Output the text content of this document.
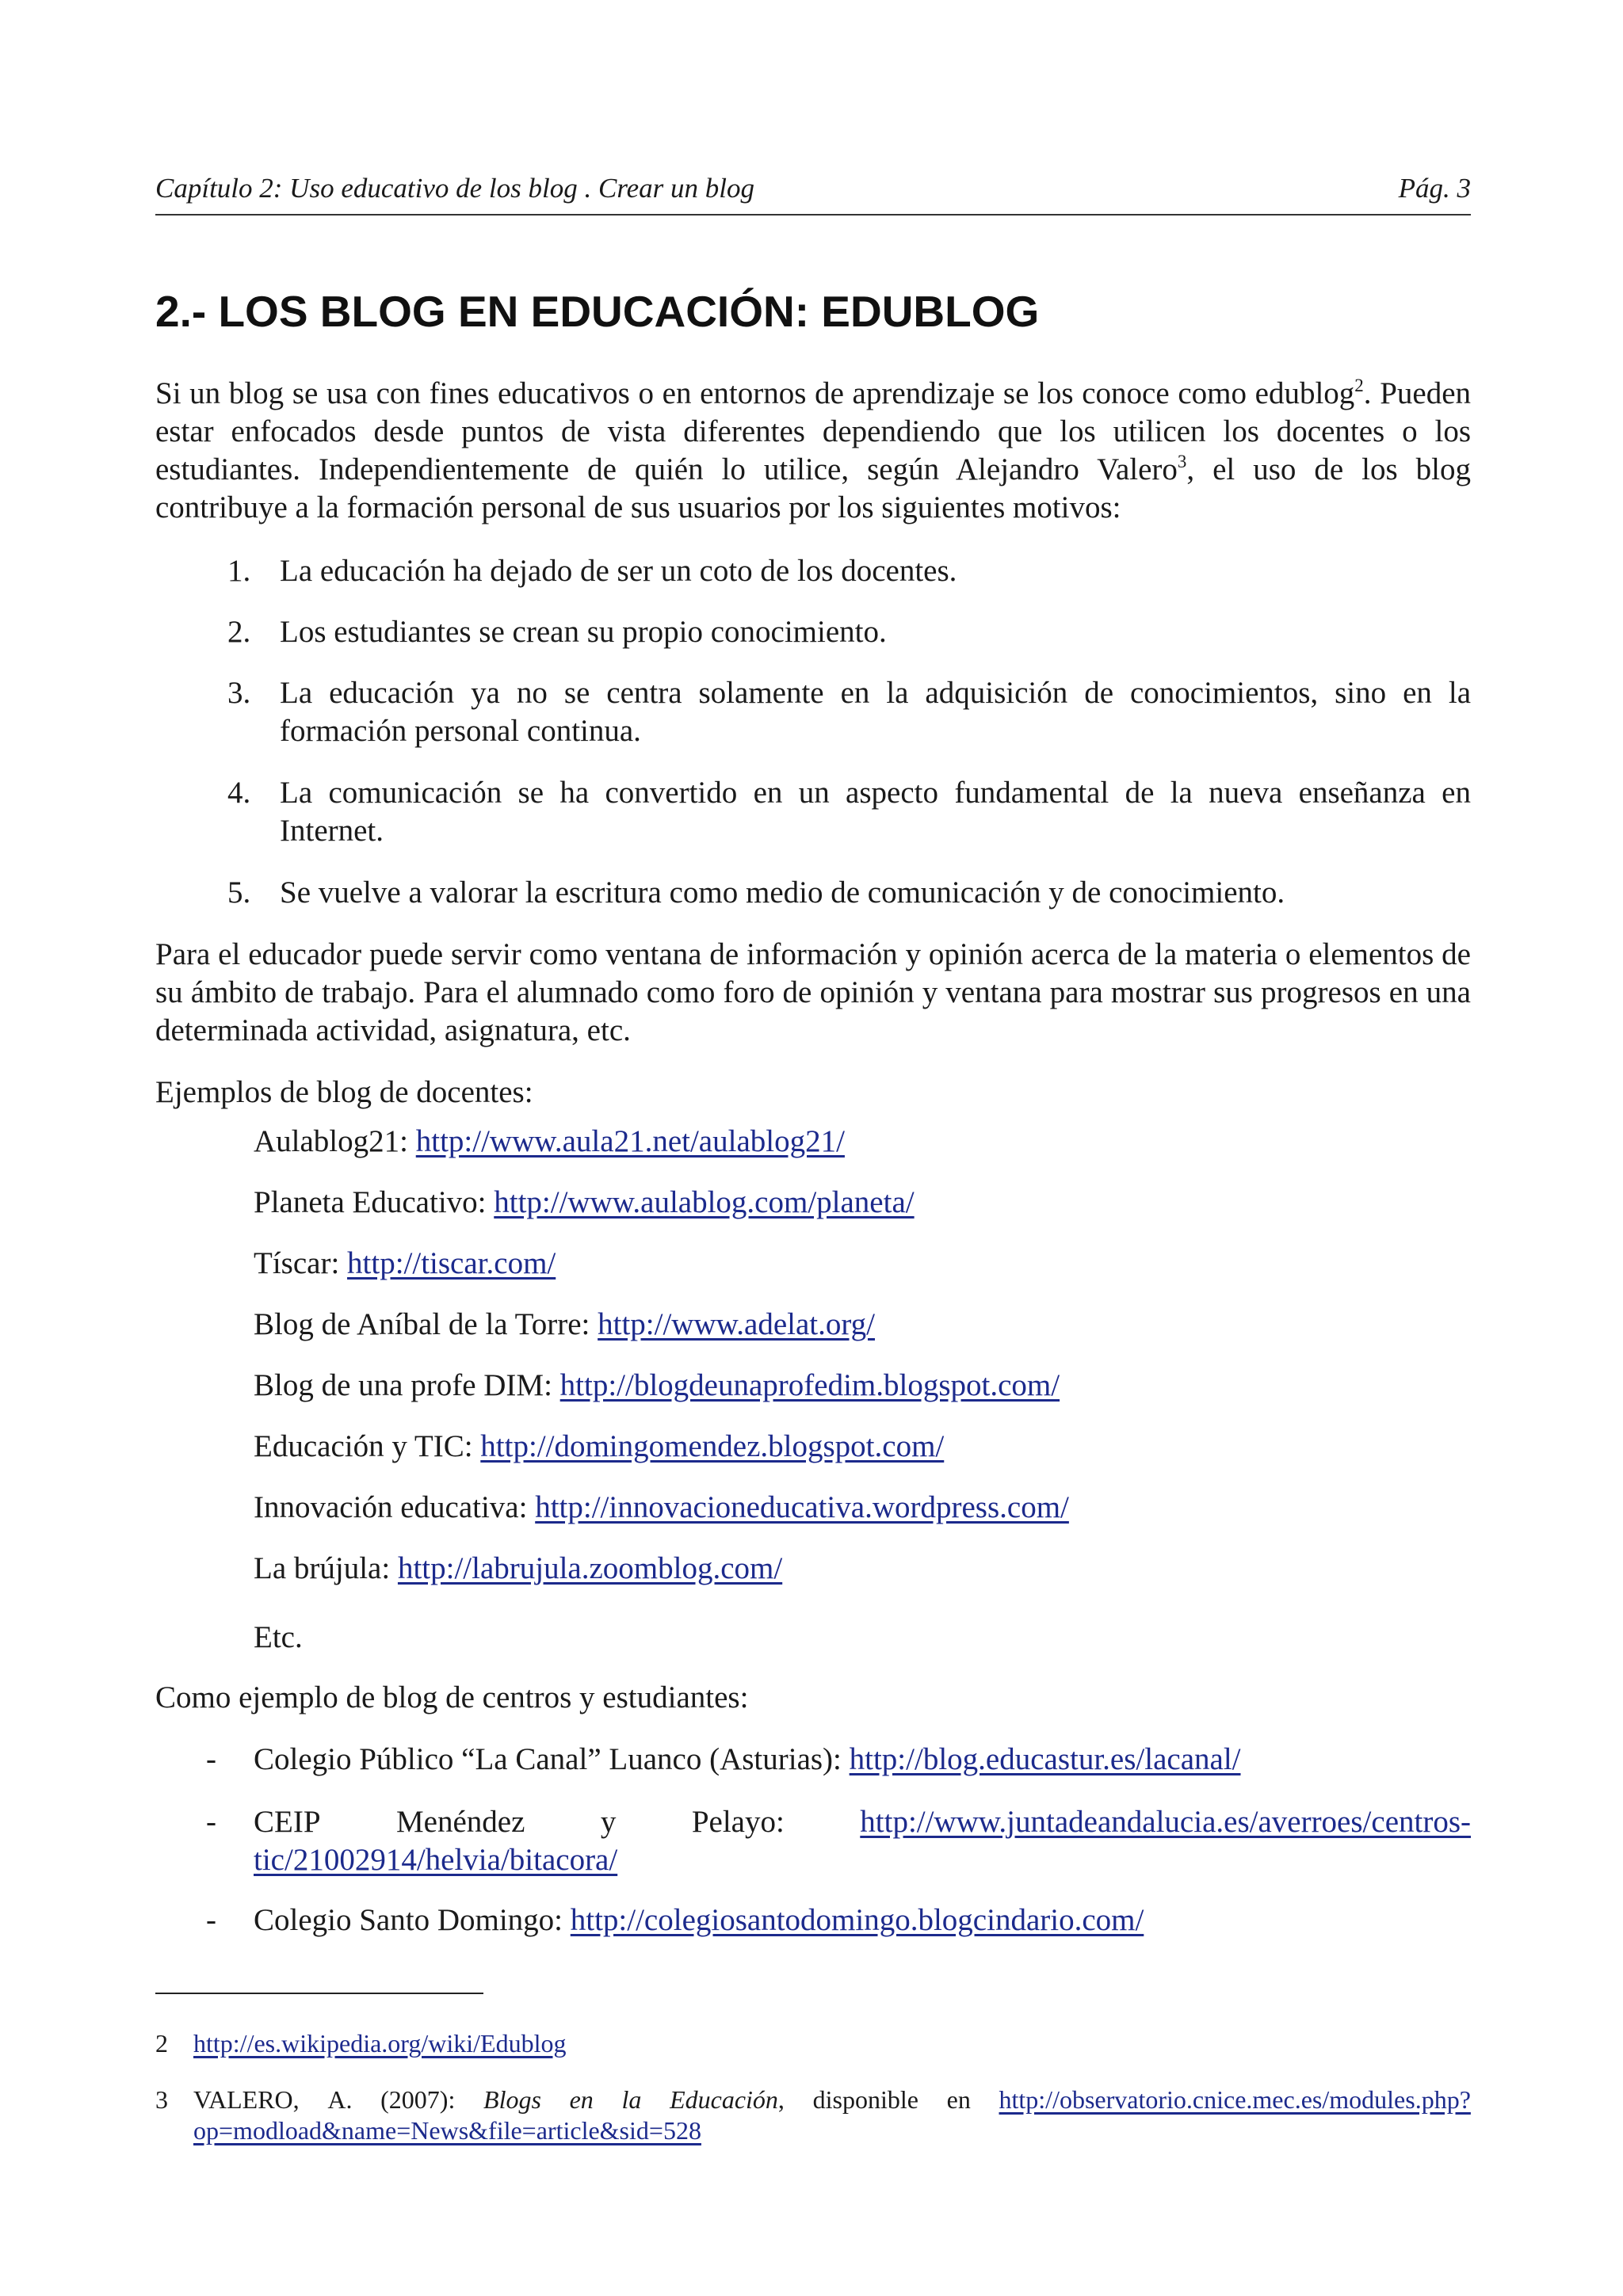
Capítulo 2: Uso educativo de los blog . Crear un blog	Pág. 3
2.- LOS BLOG EN EDUCACIÓN: EDUBLOG

Si un blog se usa con fines educativos o en entornos de aprendizaje se los conoce como edublog$^2$. Pueden estar enfocados desde puntos de vista diferentes dependiendo que los utilicen los docentes o los estudiantes. Independientemente de quién lo utilice, según Alejandro Valero$^3$, el uso de los blog contribuye a la formación personal de sus usuarios por los siguientes motivos:

1. La educación ha dejado de ser un coto de los docentes.
2. Los estudiantes se crean su propio conocimiento.
3. La educación ya no se centra solamente en la adquisición de conocimientos, sino en la formación personal continua.
4. La comunicación se ha convertido en un aspecto fundamental de la nueva enseñanza en Internet.
5. Se vuelve a valorar la escritura como medio de comunicación y de conocimiento.

Para el educador puede servir como ventana de información y opinión acerca de la materia o elementos de su ámbito de trabajo. Para el alumnado como foro de opinión y ventana para mostrar sus progresos en una determinada actividad, asignatura, etc.

Ejemplos de blog de docentes:

Aulablog21: http://www.aula21.net/aulablog21/
Planeta Educativo: http://www.aulablog.com/planeta/
Tíscar: http://tiscar.com/
Blog de Aníbal de la Torre: http://www.adelat.org/
Blog de una profe DIM: http://blogdeunaprofedim.blogspot.com/
Educación y TIC: http://domingomendez.blogspot.com/
Innovación educativa: http://innovacioneducativa.wordpress.com/
La brújula: http://labrujula.zoomblog.com/
Etc.

Como ejemplo de blog de centros y estudiantes:

- Colegio Público “La Canal” Luanco (Asturias): http://blog.educastur.es/lacanal/
- CEIP Menéndez y Pelayo: http://www.juntadeandalucia.es/averroes/centros-
tic/21002914/helvia/bitacora/
- Colegio Santo Domingo: http://colegiosantodomingo.blogcindario.com/
2 http://es.wikipedia.org/wiki/Edublog
3 VALERO, A. (2007): Blogs en la Educación, disponible en http://observatorio.cnice.mec.es/modules.php?
op=modload&name=News&file=article&sid=528
